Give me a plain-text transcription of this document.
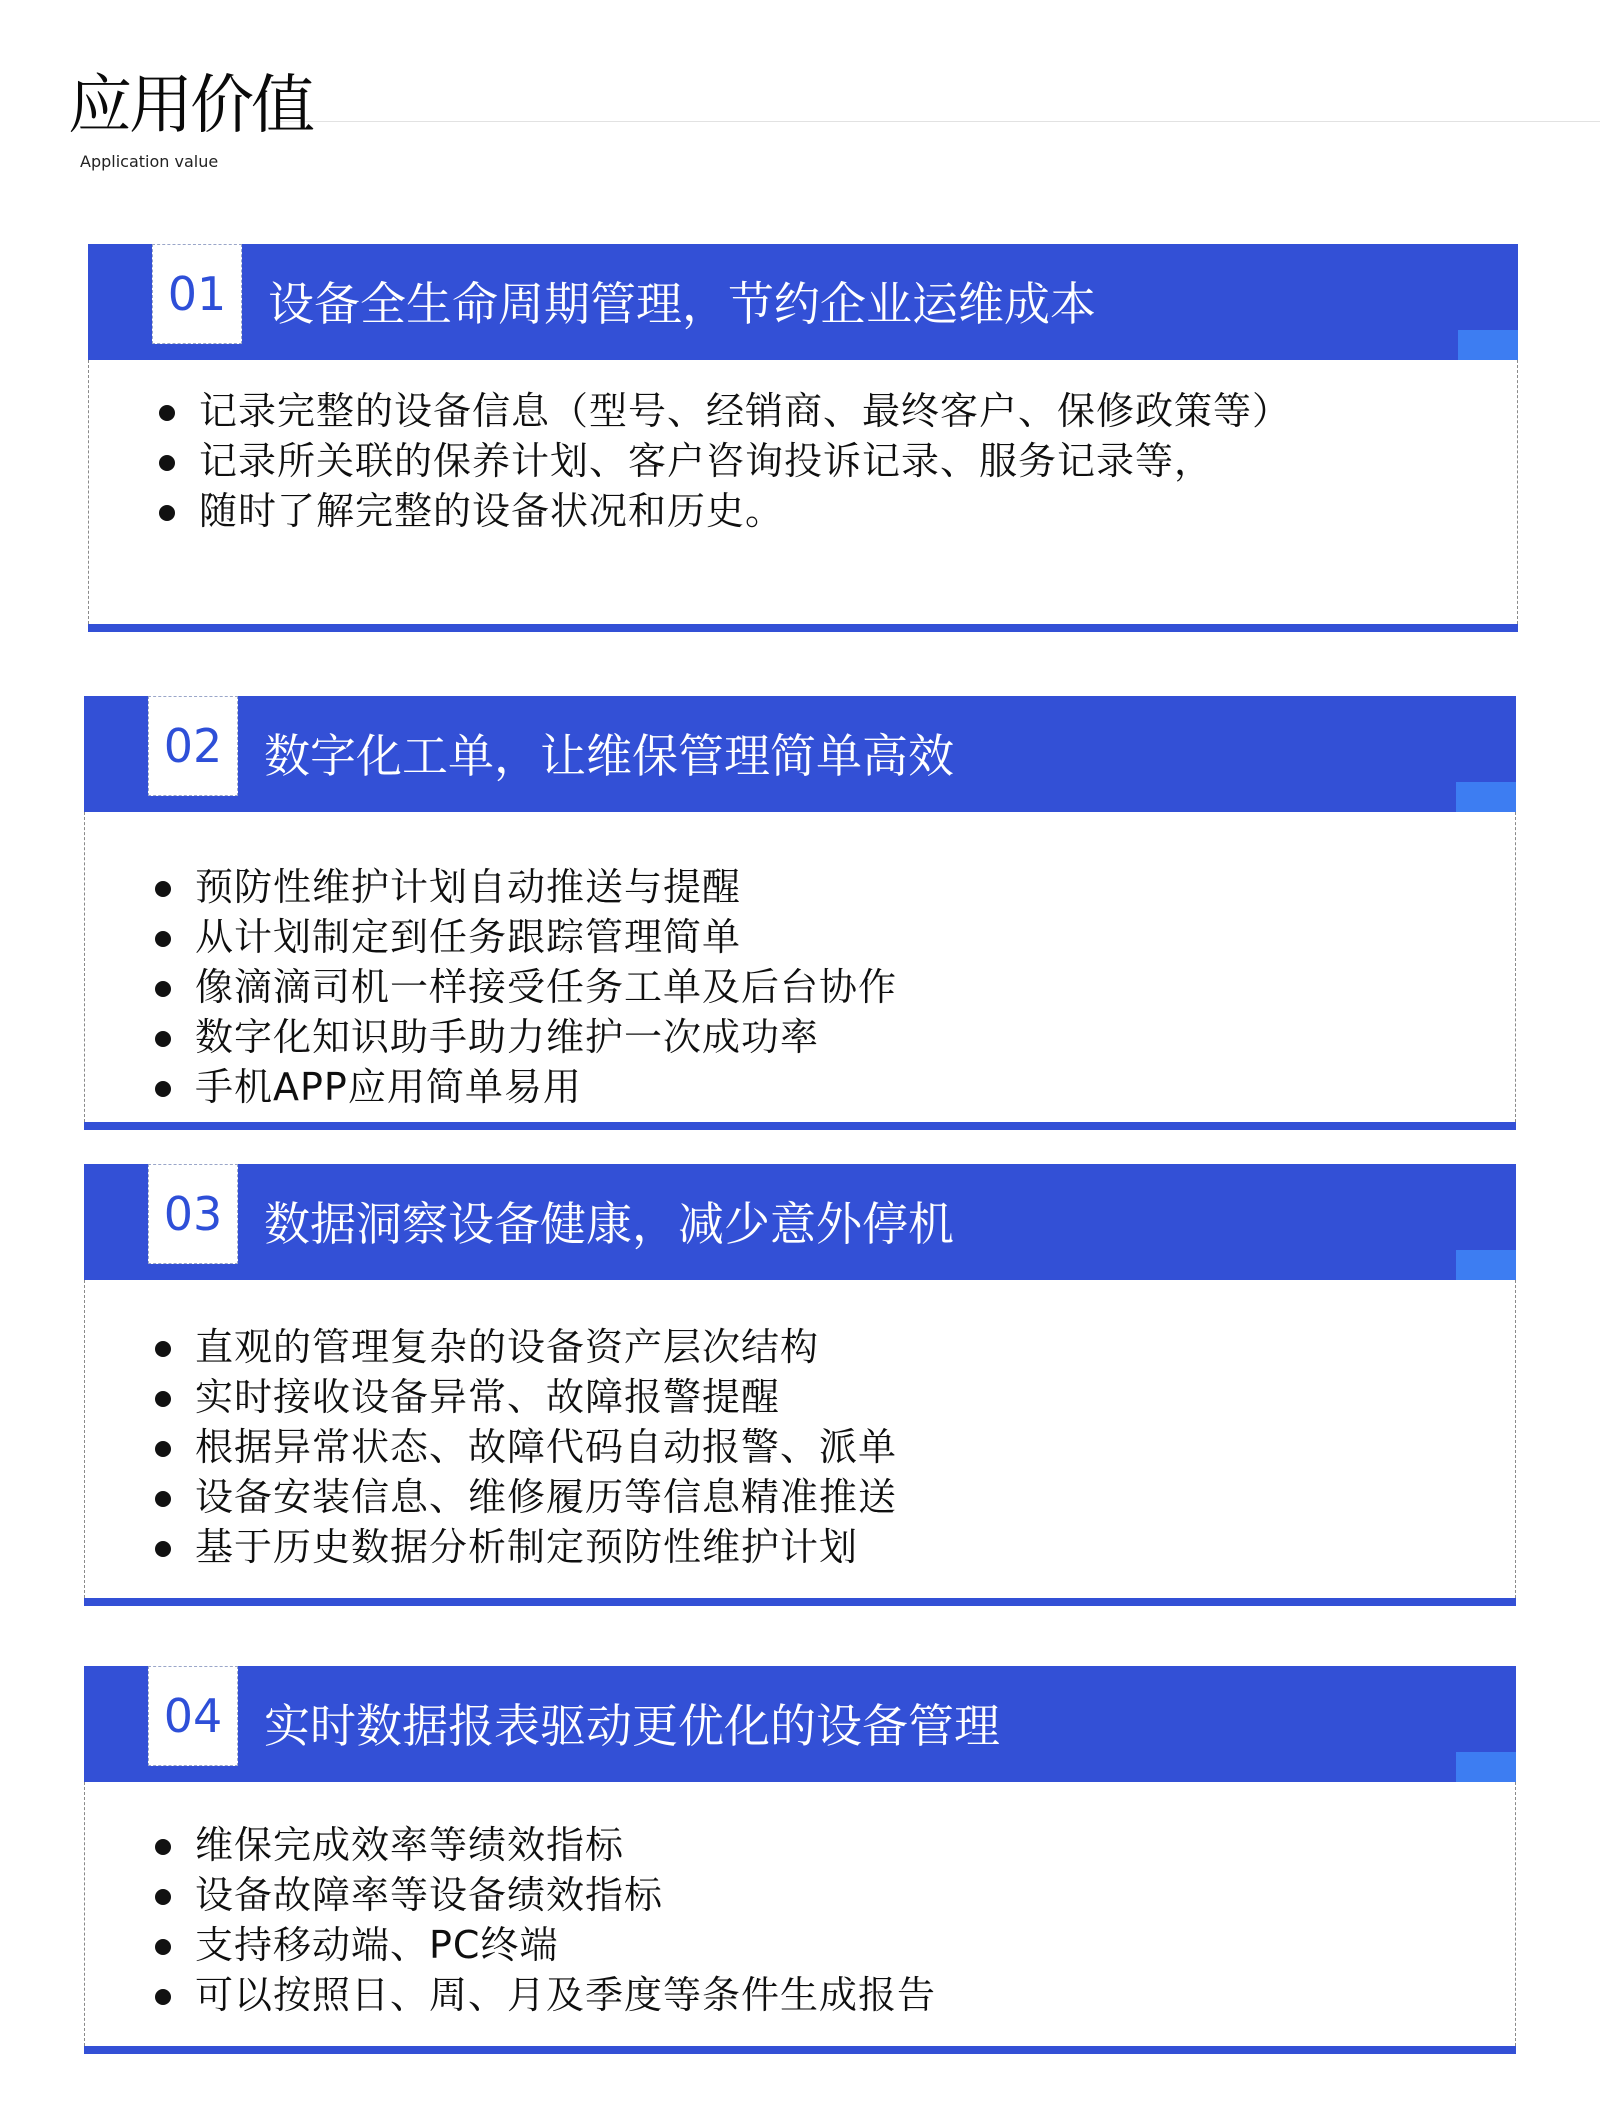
应用价值
Application value
01 设备全生命周期管理，节约企业运维成本
记录完整的设备信息（型号、经销商、最终客户、保修政策等）
记录所关联的保养计划、客户咨询投诉记录、服务记录等，
随时了解完整的设备状况和历史。
02 数字化工单，让维保管理简单高效
预防性维护计划自动推送与提醒
从计划制定到任务跟踪管理简单
像滴滴司机一样接受任务工单及后台协作
数字化知识助手助力维护一次成功率
手机APP应用简单易用
03 数据洞察设备健康，减少意外停机
直观的管理复杂的设备资产层次结构
实时接收设备异常、故障报警提醒
根据异常状态、故障代码自动报警、派单
设备安装信息、维修履历等信息精准推送
基于历史数据分析制定预防性维护计划
04 实时数据报表驱动更优化的设备管理
维保完成效率等绩效指标
设备故障率等设备绩效指标
支持移动端、PC终端
可以按照日、周、月及季度等条件生成报告
